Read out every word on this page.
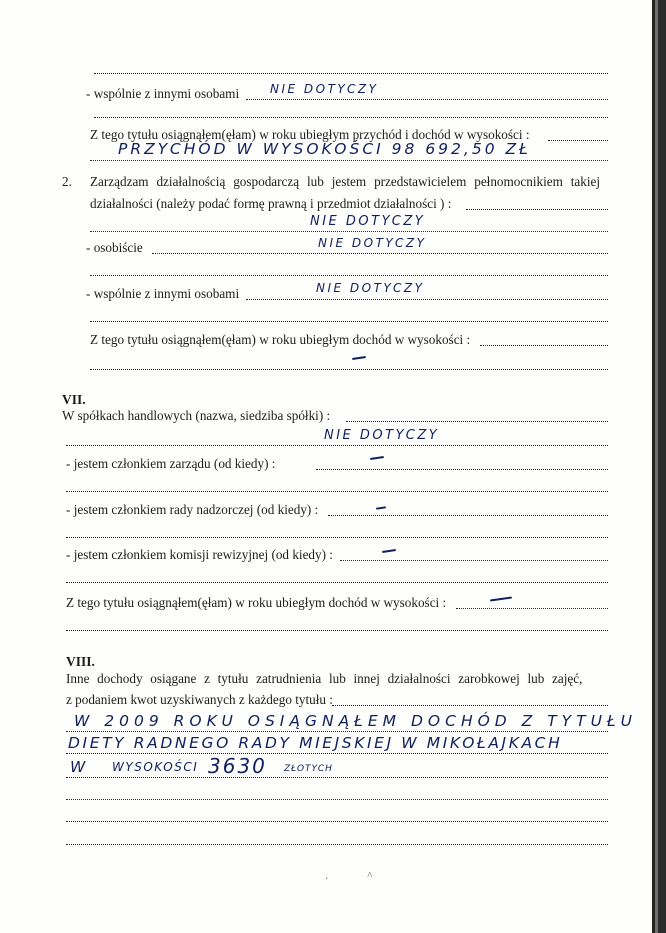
- wspólnie z innymi osobami	NIE DOTYCZY
Z tego tytułu osiągnąłem(ęłam) w roku ubiegłym przychód i dochód w wysokości :
PRZYCHÓD W WYSOKOŚCI 98 692,50 ZŁ
2. Zarządzam działalnością gospodarczą lub jestem przedstawicielem pełnomocnikiem takiej
działalności (należy podać formę prawną i przedmiot działalności ) :
NIE DOTYCZY
- osobiście	NIE DOTYCZY
- wspólnie z innymi osobami	NIE DOTYCZY
Z tego tytułu osiągnąłem(ęłam) w roku ubiegłym dochód w wysokości :
VII.
W spółkach handlowych (nazwa, siedziba spółki) :
NIE DOTYCZY
- jestem członkiem zarządu (od kiedy) :
- jestem członkiem rady nadzorczej (od kiedy) :
- jestem członkiem komisji rewizyjnej (od kiedy) :
Z tego tytułu osiągnąłem(ęłam) w roku ubiegłym dochód w wysokości :
VIII.
Inne dochody osiągane z tytułu zatrudnienia lub innej działalności zarobkowej lub zajęć,
z podaniem kwot uzyskiwanych z każdego tytułu :
W 2009 ROKU OSIĄGNĄŁEM DOCHÓD Z TYTUŁU
DIETY RADNEGO RADY MIEJSKIEJ W MIKOŁAJKACH
W WYSOKOŚCI 3630 ZŁOTYCH
·	˄
